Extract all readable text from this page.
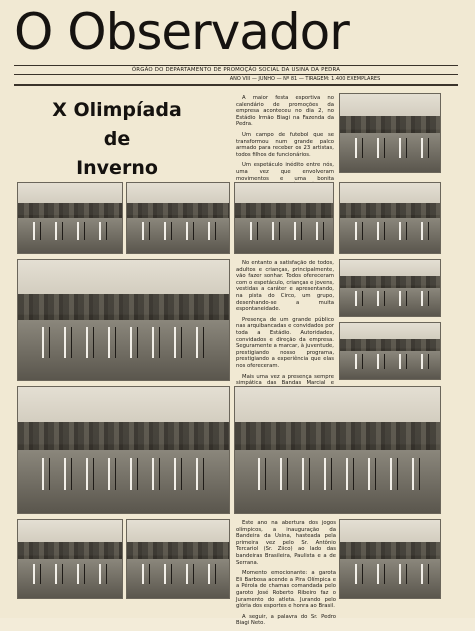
O Observador
ÓRGÃO DO DEPARTAMENTO DE PROMOÇÃO SOCIAL DA USINA DA PEDRA
ANO VIII — JUNHO — Nº 81 — TIRAGEM: 1.400 EXEMPLARES
X Olimpíada
de
Inverno

A maior festa esportiva no calendário de promoções da empresa aconteceu no dia 2, no Estádio Irmão Biagi na Fazenda da Pedra.

Um campo de futebol que se transformou num grande palco armado para receber os 23 artistas, todos filhos de funcionários.

Um espetáculo inédito entre nós, uma vez que envolveram movimentos e uma bonita

No entanto a satisfação de todos, adultos e crianças, principalmente, vão fazer sonhar. Todos ofereceram com o espetáculo, crianças e jovens, vestidas a caráter e apresentando, na pista do Circo, um grupo, desenhando-se a muita espontaneidade.

Presença de um grande público nas arquibancadas e convidados por toda a Estádio. Autoridades, convidados e direção da empresa. Seguramente a marcar, à juventude, prestigiando nosso programa, prestigiando a experiência que elas nos ofereceram.

Mais uma vez a presença sempre simpática das Bandas Marcial e

Este ano na abertura dos jogos olímpicos, a inauguração da Bandeira da Usina, hasteada pela primeira vez pelo Sr. Antônio Tercariol (Sr. Ziico) ao lado das bandeiras Brasileira, Paulista e a de Serrana.

Momento emocionante: a garota Eli Barbosa acende a Pira Olímpica e a Pérola de chamas comandada pelo garoto José Roberto Ribeiro faz o Juramento do atleta. Jurando pelo glória dos esportes e honra ao Brasil.

A seguir, a palavra do Sr. Pedro Biagi Neto.
